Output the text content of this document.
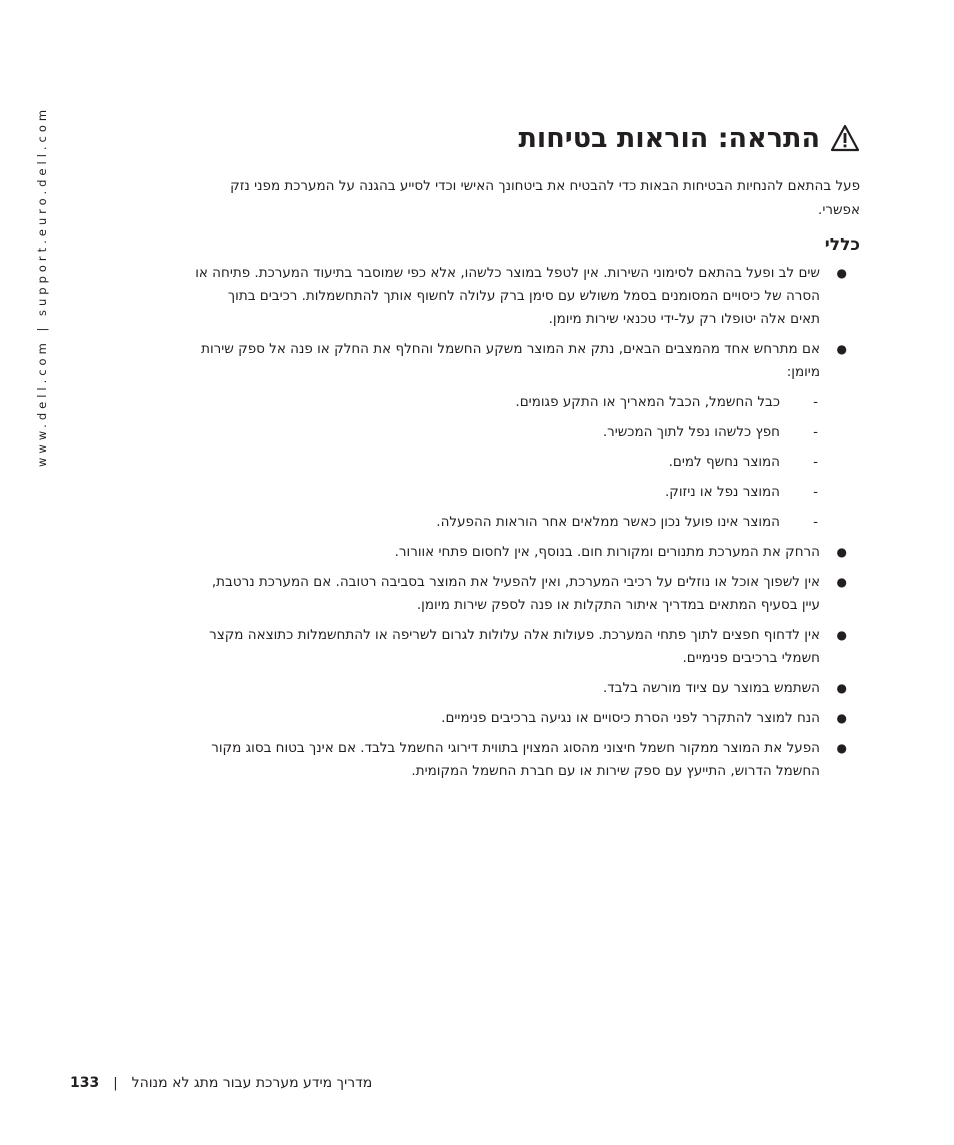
www.dell.com | support.euro.dell.com	התראה: הוראות בטיחות

פעל בהתאם להנחיות הבטיחות הבאות כדי להבטיח את ביטחונך האישי וכדי לסייע בהגנה על המערכת מפני נזק אפשרי.

כללי
●
שים לב ופעל בהתאם לסימוני השירות. אין לטפל במוצר כלשהו, אלא כפי שמוסבר בתיעוד המערכת. פתיחה או הסרה של כיסויים המסומנים בסמל משולש עם סימן ברק עלולה לחשוף אותך להתחשמלות. רכיבים בתוך תאים אלה יטופלו רק על-ידי טכנאי שירות מיומן.
●
אם מתרחש אחד מהמצבים הבאים, נתק את המוצר משקע החשמל והחלף את החלק או פנה אל ספק שירות מיומן:
-
כבל החשמל, הכבל המאריך או התקע פגומים.
-
חפץ כלשהו נפל לתוך המכשיר.
-
המוצר נחשף למים.
-
המוצר נפל או ניזוק.
-
המוצר אינו פועל נכון כאשר ממלאים אחר הוראות ההפעלה.
●
הרחק את המערכת מתנורים ומקורות חום. בנוסף, אין לחסום פתחי אוורור.
●
אין לשפוך אוכל או נוזלים על רכיבי המערכת, ואין להפעיל את המוצר בסביבה רטובה. אם המערכת נרטבת, עיין בסעיף המתאים במדריך איתור התקלות או פנה לספק שירות מיומן.
●
אין לדחוף חפצים לתוך פתחי המערכת. פעולות אלה עלולות לגרום לשריפה או להתחשמלות כתוצאה מקצר חשמלי ברכיבים פנימיים.
●
השתמש במוצר עם ציוד מורשה בלבד.
●
הנח למוצר להתקרר לפני הסרת כיסויים או נגיעה ברכיבים פנימיים.
●
הפעל את המוצר ממקור חשמל חיצוני מהסוג המצוין בתווית דירוגי החשמל בלבד. אם אינך בטוח בסוג מקור החשמל הדרוש, התייעץ עם ספק שירות או עם חברת החשמל המקומית.
133 | מדריך מידע מערכת עבור מתג לא מנוהל
